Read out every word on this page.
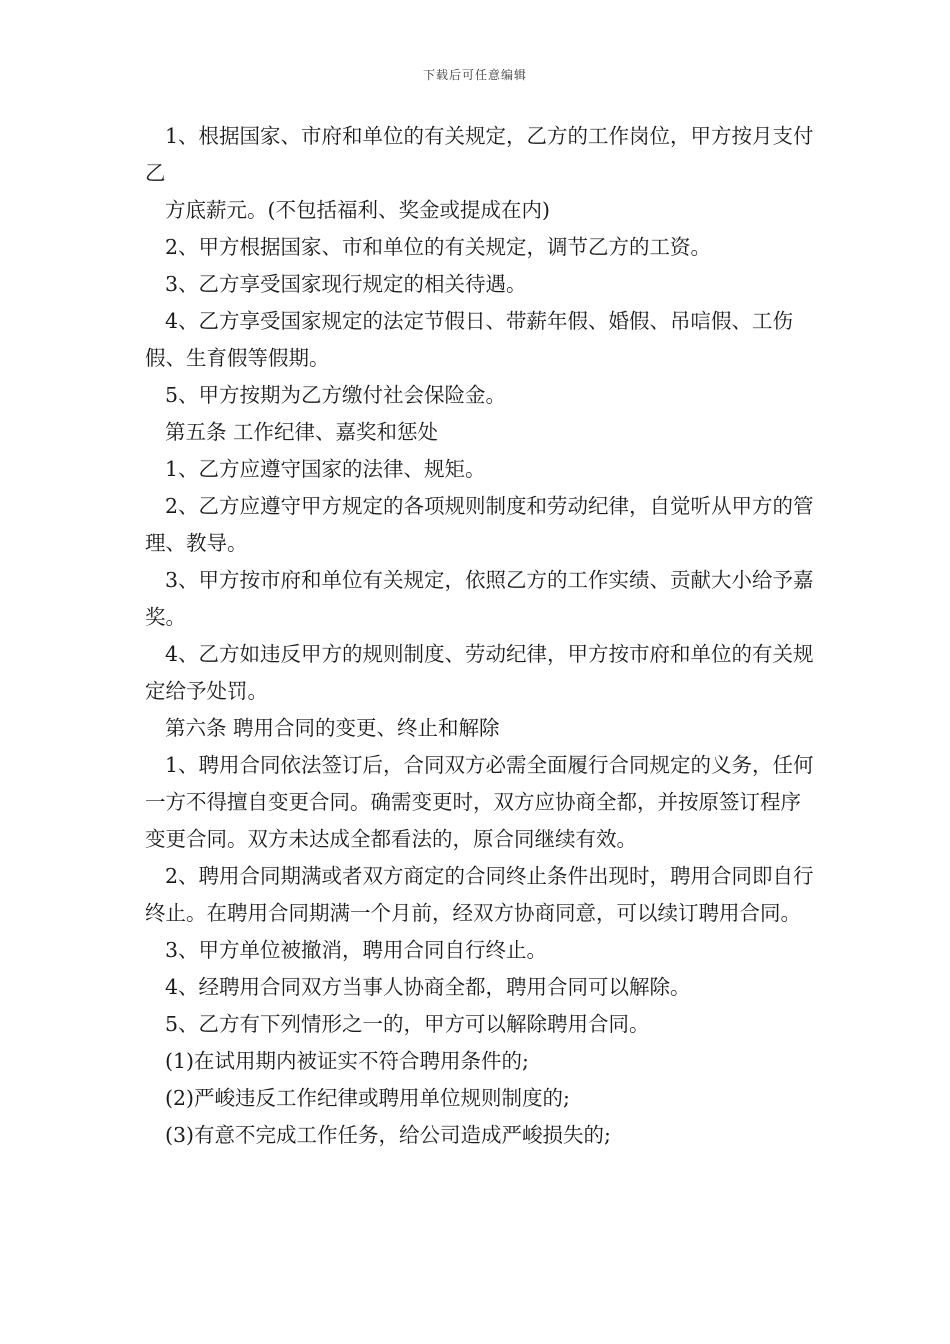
下载后可任意编辑

1、根据国家、市府和单位的有关规定，乙方的工作岗位，甲方按月支付乙

方底薪元。(不包括福利、奖金或提成在内)

2、甲方根据国家、市和单位的有关规定，调节乙方的工资。

3、乙方享受国家现行规定的相关待遇。

4、乙方享受国家规定的法定节假日、带薪年假、婚假、吊唁假、工伤假、生育假等假期。

5、甲方按期为乙方缴付社会保险金。

第五条 工作纪律、嘉奖和惩处

1、乙方应遵守国家的法律、规矩。

2、乙方应遵守甲方规定的各项规则制度和劳动纪律，自觉听从甲方的管理、教导。

3、甲方按市府和单位有关规定，依照乙方的工作实绩、贡献大小给予嘉奖。

4、乙方如违反甲方的规则制度、劳动纪律，甲方按市府和单位的有关规定给予处罚。

第六条 聘用合同的变更、终止和解除

1、聘用合同依法签订后，合同双方必需全面履行合同规定的义务，任何一方不得擅自变更合同。确需变更时，双方应协商全都，并按原签订程序变更合同。双方未达成全都看法的，原合同继续有效。

2、聘用合同期满或者双方商定的合同终止条件出现时，聘用合同即自行终止。在聘用合同期满一个月前，经双方协商同意，可以续订聘用合同。

3、甲方单位被撤消，聘用合同自行终止。

4、经聘用合同双方当事人协商全都，聘用合同可以解除。

5、乙方有下列情形之一的，甲方可以解除聘用合同。

(1)在试用期内被证实不符合聘用条件的;

(2)严峻违反工作纪律或聘用单位规则制度的;

(3)有意不完成工作任务，给公司造成严峻损失的;
